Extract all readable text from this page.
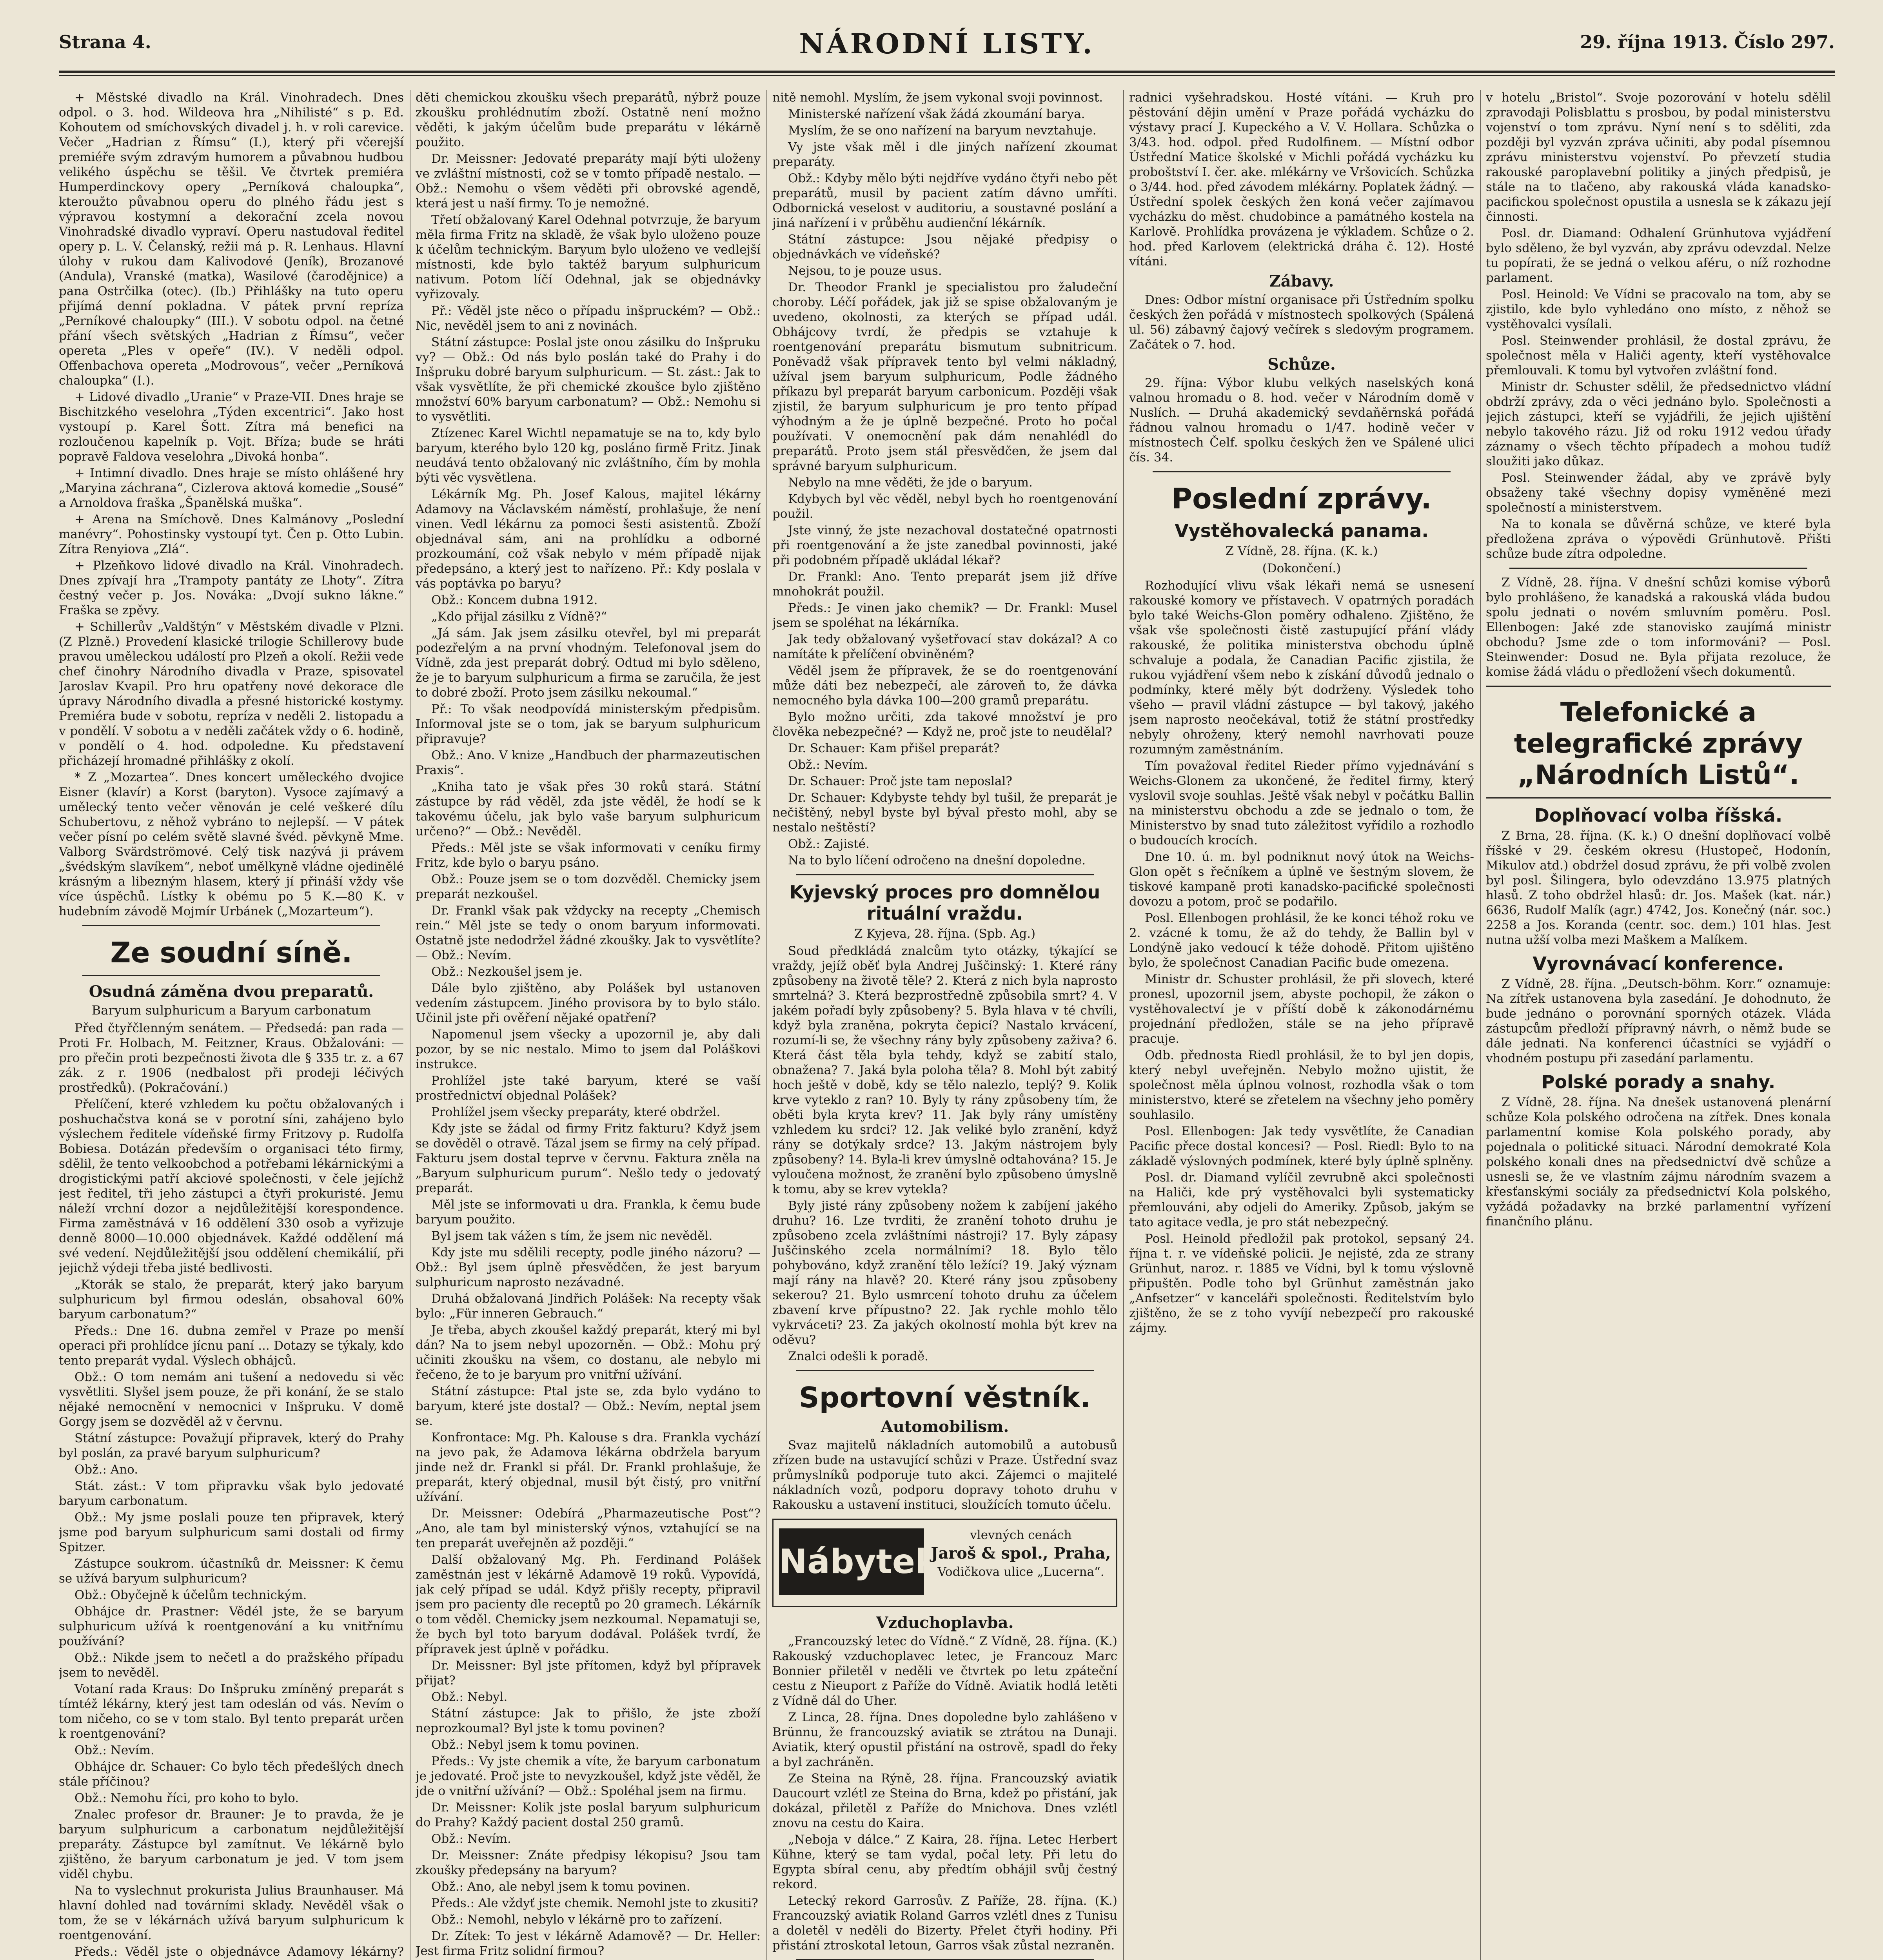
Strana 4.	NÁRODNÍ LISTY.	29. října 1913. Číslo 297.

+ Městské divadlo na Král. Vinohradech. Dnes odpol. o 3. hod. Wildeova hra „Nihilisté“ s p. Ed. Kohoutem od smíchovských divadel j. h. v roli carevice. Večer „Hadrian z Římsu“ (I.), který při včerejší premiéře svým zdravým humorem a půvabnou hudbou velikého úspěchu se těšil. Ve čtvrtek premiéra Humperdinckovy opery „Perníková chaloupka“, kteroužto půvabnou operu do plného řádu jest s výpravou kostymní a dekorační zcela novou Vinohradské divadlo vypraví. Operu nastudoval ředitel opery p. L. V. Čelanský, režii má p. R. Lenhaus. Hlavní úlohy v rukou dam Kalivodové (Jeník), Brozanové (Andula), Vranské (matka), Wasilové (čarodějnice) a pana Ostrčilka (otec). (Ib.) Přihlášky na tuto operu přijímá denní pokladna. V pátek první repríza „Perníkové chaloupky“ (III.). V sobotu odpol. na četné přání všech světských „Hadrian z Římsu“, večer opereta „Ples v opeře“ (IV.). V neděli odpol. Offenbachova opereta „Modrovous“, večer „Perníková chaloupka“ (I.).

+ Lidové divadlo „Uranie“ v Praze-VII. Dnes hraje se Bischitzkého veselohra „Týden excentrici“. Jako host vystoupí p. Karel Šott. Zítra má benefici na rozloučenou kapelník p. Vojt. Bříza; bude se hráti popravě Faldova veselohra „Divoká honba“.

+ Intimní divadlo. Dnes hraje se místo ohlášené hry „Maryina záchrana“, Cizlerova aktová komedie „Sousé“ a Arnoldova fraška „Španělská muška“.

+ Arena na Smíchově. Dnes Kalmánovy „Poslední manévry“. Pohostinsky vystoupí tyt. Čen p. Otto Lubin. Zítra Renyiova „Zlá“.

+ Plzeňkovo lidové divadlo na Král. Vinohradech. Dnes zpívají hra „Trampoty pantáty ze Lhoty“. Zítra čestný večer p. Jos. Nováka: „Dvojí sukno lákne.“ Fraška se zpěvy.

+ Schillerův „Valdštýn“ v Městském divadle v Plzni. (Z Plzně.) Provedení klasické trilogie Schillerovy bude pravou uměleckou událostí pro Plzeň a okolí. Režii vede chef činohry Národního divadla v Praze, spisovatel Jaroslav Kvapil. Pro hru opatřeny nové dekorace dle úpravy Národního divadla a přesné historické kostymy. Premiéra bude v sobotu, repríza v neděli 2. listopadu a v pondělí. V sobotu a v neděli začátek vždy o 6. hodině, v pondělí o 4. hod. odpoledne. Ku představení přicházejí hromadné přihlášky z okolí.

* Z „Mozartea“. Dnes koncert uměleckého dvojice Eisner (klavír) a Korst (baryton). Vysoce zajímavý a umělecký tento večer věnován je celé veškeré dílu Schubertovu, z něhož vybráno to nejlepší. — V pátek večer písní po celém světě slavné švéd. pěvkyně Mme. Valborg Svärdströmové. Celý tisk nazývá ji právem „švédským slavíkem“, neboť umělkyně vládne ojedinělé krásným a libezným hlasem, který jí přináší vždy vše více úspěchů. Lístky k obému po 5 K.—80 K. v hudebním závodě Mojmír Urbánek („Mozarteum“).

Ze soudní síně.
Osudná záměna dvou preparatů.
Baryum sulphuricum a Baryum carbonatum

Před čtyřčlenným senátem. — Předsedá: pan rada — Proti Fr. Holbach, M. Feitzner, Kraus. Obžalováni: — pro přečin proti bezpečnosti života dle § 335 tr. z. a 67 zák. z r. 1906 (nedbalost při prodeji léčivých prostředků). (Pokračování.)

Přelíčení, které vzhledem ku počtu obžalovaných i poshuchačstva koná se v porotní síni, zahájeno bylo výslechem ředitele vídeňské firmy Fritzovy p. Rudolfa Bobiesa. Dotázán především o organisaci této firmy, sdělil, že tento velkoobchod a potřebami lékárnickými a drogistickými patří akciové společnosti, v čele jejíchž jest ředitel, tři jeho zástupci a čtyři prokuristé. Jemu náleží vrchní dozor a nejdůležitější korespondence. Firma zaměstnává v 16 oddělení 330 osob a vyřizuje denně 8000—10.000 objednávek. Každé oddělení má své vedení. Nejdůležitější jsou oddělení chemikálií, při jejichž výdeji třeba jisté bedlivosti.

„Ktorák se stalo, že preparát, který jako baryum sulphuricum byl firmou odeslán, obsahoval 60% baryum carbonatum?“

Předs.: Dne 16. dubna zemřel v Praze po menší operaci při prohlídce jícnu paní ... Dotazy se týkaly, kdo tento preparát vydal. Výslech obhájců.

Obž.: O tom nemám ani tušení a nedovedu si věc vysvětliti. Slyšel jsem pouze, že při konání, že se stalo nějaké nemocnění v nemocnici v Inšpruku. V domě Gorgy jsem se dozvěděl až v červnu.

Státní zástupce: Považují připravek, který do Prahy byl poslán, za pravé baryum sulphuricum?

Obž.: Ano.

Stát. zást.: V tom připravku však bylo jedovaté baryum carbonatum.

Obž.: My jsme poslali pouze ten připravek, který jsme pod baryum sulphuricum sami dostali od firmy Spitzer.

Zástupce soukrom. účastníků dr. Meissner: K čemu se užívá baryum sulphuricum?

Obž.: Obyčejně k účelům technickým.

Obhájce dr. Prastner: Vědél jste, že se baryum sulphuricum užívá k roentgenování a ku vnitřnímu používání?

Obž.: Nikde jsem to nečetl a do pražského případu jsem to nevěděl.

Votaní rada Kraus: Do Inšpruku zmíněný preparát s tímtéž lékárny, který jest tam odeslán od vás. Nevím o tom ničeho, co se v tom stalo. Byl tento preparát určen k roentgenování?

Obž.: Nevím.

Obhájce dr. Schauer: Co bylo těch předešlých dnech stále příčinou?

Obž.: Nemohu říci, pro koho to bylo.

Znalec profesor dr. Brauner: Je to pravda, že je baryum sulphuricum a carbonatum nejdůležitější preparáty. Zástupce byl zamítnut. Ve lékárně bylo zjištěno, že baryum carbonatum je jed. V tom jsem viděl chybu.

Na to vyslechnut prokurista Julius Braunhauser. Má hlavní dohled nad továrními sklady. Nevěděl však o tom, že se v lékárnách užívá baryum sulphuricum k roentgenování.

Předs.: Věděl jste o objednávce Adamovy lékárny?

děti chemickou zkoušku všech preparátů, nýbrž pouze zkoušku prohlédnutím zboží. Ostatně není možno věděti, k jakým účelům bude preparátu v lékárně použito.

Dr. Meissner: Jedovaté preparáty mají býti uloženy ve zvláštní místnosti, což se v tomto případě nestalo. — Obž.: Nemohu o všem věděti při obrovské agendě, která jest u naší firmy. To je nemožné.

Třetí obžalovaný Karel Odehnal potvrzuje, že baryum měla firma Fritz na skladě, že však bylo uloženo pouze k účelům technickým. Baryum bylo uloženo ve vedlejší místnosti, kde bylo taktéž baryum sulphuricum nativum. Potom líčí Odehnal, jak se objednávky vyřizovaly.

Př.: Věděl jste něco o případu inšpruckém? — Obž.: Nic, nevěděl jsem to ani z novinách.

Státní zástupce: Poslal jste onou zásilku do Inšpruku vy? — Obž.: Od nás bylo poslán také do Prahy i do Inšpruku dobré baryum sulphuricum. — St. zást.: Jak to však vysvětlíte, že při chemické zkoušce bylo zjištěno množství 60% baryum carbonatum? — Obž.: Nemohu si to vysvětliti.

Ztízenec Karel Wichtl nepamatuje se na to, kdy bylo baryum, kterého bylo 120 kg, posláno firmě Fritz. Jinak neudává tento obžalovaný nic zvláštního, čím by mohla býti věc vysvětlena.

Lékárník Mg. Ph. Josef Kalous, majitel lékárny Adamovy na Václavském náměstí, prohlašuje, že není vinen. Vedl lékárnu za pomoci šesti asistentů. Zboží objednával sám, ani na prohlídku a odborné prozkoumání, což však nebylo v mém případě nijak předepsáno, a který jest to nařízeno. Př.: Kdy poslala v vás poptávka po baryu?

Obž.: Koncem dubna 1912.

„Kdo přijal zásilku z Vídně?“

„Já sám. Jak jsem zásilku otevřel, byl mi preparát podezřelým a na první vhodným. Telefonoval jsem do Vídně, zda jest preparát dobrý. Odtud mi bylo sděleno, že je to baryum sulphuricum a firma se zaručila, že jest to dobré zboží. Proto jsem zásilku nekoumal.“

Př.: To však neodpovídá ministerským předpisům. Informoval jste se o tom, jak se baryum sulphuricum připravuje?

Obž.: Ano. V knize „Handbuch der pharmazeutischen Praxis“.

„Kniha tato je však přes 30 roků stará. Státní zástupce by rád věděl, zda jste věděl, že hodí se k takovému účelu, jak bylo vaše baryum sulphuricum určeno?“ — Obž.: Nevěděl.

Předs.: Měl jste se však informovati v ceníku firmy Fritz, kde bylo o baryu psáno.

Obž.: Pouze jsem se o tom dozvěděl. Chemicky jsem preparát nezkoušel.

Dr. Frankl však pak vždycky na recepty „Chemisch rein.“ Měl jste se tedy o onom baryum informovati. Ostatně jste nedodržel žádné zkoušky. Jak to vysvětlíte? — Obž.: Nevím.

Obž.: Nezkoušel jsem je.

Dále bylo zjištěno, aby Polášek byl ustanoven vedením zástupcem. Jiného provisora by to bylo stálo. Učinil jste při ověření nějaké opatření?

Napomenul jsem všecky a upozornil je, aby dali pozor, by se nic nestalo. Mimo to jsem dal Poláškovi instrukce.

Prohlížel jste také baryum, které se vaší prostřednictví objednal Polášek?

Prohlížel jsem všecky preparáty, které obdržel.

Kdy jste se žádal od firmy Fritz fakturu? Když jsem se dověděl o otravě. Tázal jsem se firmy na celý případ. Fakturu jsem dostal teprve v červnu. Faktura zněla na „Baryum sulphuricum purum“. Nešlo tedy o jedovatý preparát.

Měl jste se informovati u dra. Frankla, k čemu bude baryum použito.

Byl jsem tak vážen s tím, že jsem nic nevěděl.

Kdy jste mu sdělili recepty, podle jiného názoru? — Obž.: Byl jsem úplně přesvědčen, že jest baryum sulphuricum naprosto nezávadné.

Druhá obžalovaná Jindřich Polášek: Na recepty však bylo: „Für inneren Gebrauch.“

Je třeba, abych zkoušel každý preparát, který mi byl dán? Na to jsem nebyl upozorněn. — Obž.: Mohu prý učiniti zkoušku na všem, co dostanu, ale nebylo mi řečeno, že to je baryum pro vnitřní užívání.

Státní zástupce: Ptal jste se, zda bylo vydáno to baryum, které jste dostal? — Obž.: Nevím, neptal jsem se.

Konfrontace: Mg. Ph. Kalouse s dra. Frankla vychází na jevo pak, že Adamova lékárna obdržela baryum jinde než dr. Frankl si přál. Dr. Frankl prohlašuje, že preparát, který objednal, musil být čistý, pro vnitřní užívání.

Dr. Meissner: Odebírá „Pharmazeutische Post“? „Ano, ale tam byl ministerský výnos, vztahující se na ten preparát uveřejněn až později.“

Další obžalovaný Mg. Ph. Ferdinand Polášek zaměstnán jest v lékárně Adamově 19 roků. Vypovídá, jak celý případ se udál. Když přišly recepty, připravil jsem pro pacienty dle receptů po 20 gramech. Lékárník o tom věděl. Chemicky jsem nezkoumal. Nepamatuji se, že bych byl toto baryum dodával. Polášek tvrdí, že přípravek jest úplně v pořádku.

Dr. Meissner: Byl jste přítomen, když byl přípravek přijat?

Obž.: Nebyl.

Státní zástupce: Jak to přišlo, že jste zboží neprozkoumal? Byl jste k tomu povinen?

Obž.: Nebyl jsem k tomu povinen.

Předs.: Vy jste chemik a víte, že baryum carbonatum je jedovaté. Proč jste to nevyzkoušel, když jste věděl, že jde o vnitřní užívání? — Obž.: Spoléhal jsem na firmu.

Dr. Meissner: Kolik jste poslal baryum sulphuricum do Prahy? Každý pacient dostal 250 gramů.

Obž.: Nevím.

Dr. Meissner: Znáte předpisy lékopisu? Jsou tam zkoušky předepsány na baryum?

Obž.: Ano, ale nebyl jsem k tomu povinen.

Předs.: Ale vždyť jste chemik. Nemohl jste to zkusiti?

Obž.: Nemohl, nebylo v lékárně pro to zařízení.

Dr. Zítek: To jest v lékárně Adamově? — Dr. Heller: Jest firma Fritz solidní firmou?

nitě nemohl. Myslím, že jsem vykonal svoji povinnost.

Ministerské nařízení však žádá zkoumání barya.

Myslím, že se ono nařízení na baryum nevztahuje.

Vy jste však měl i dle jiných nařízení zkoumat preparáty.

Obž.: Kdyby mělo býti nejdříve vydáno čtyři nebo pět preparátů, musil by pacient zatím dávno umříti. Odbornická veselost v auditoriu, a soustavné poslání a jiná nařízení i v průběhu audienční lékárník.

Státní zástupce: Jsou nějaké předpisy o objednávkách ve vídeňské?

Nejsou, to je pouze usus.

Dr. Theodor Frankl je specialistou pro žaludeční choroby. Léčí pořádek, jak již se spise obžalovaným je uvedeno, okolnosti, za kterých se případ udál. Obhájcovy tvrdí, že předpis se vztahuje k roentgenování preparátu bismutum subnitricum. Poněvadž však přípravek tento byl velmi nákladný, užíval jsem baryum sulphuricum, Podle žádného příkazu byl preparát baryum carbonicum. Později však zjistil, že baryum sulphuricum je pro tento případ výhodným a že je úplně bezpečné. Proto ho počal používati. V onemocnění pak dám nenahlédl do preparátů. Proto jsem stál přesvědčen, že jsem dal správné baryum sulphuricum.

Nebylo na mne věděti, že jde o baryum.

Kdybych byl věc věděl, nebyl bych ho roentgenování použil.

Jste vinný, že jste nezachoval dostatečné opatrnosti při roentgenování a že jste zanedbal povinnosti, jaké při podobném případě ukládal lékař?

Dr. Frankl: Ano. Tento preparát jsem již dříve mnohokrát použil.

Předs.: Je vinen jako chemik? — Dr. Frankl: Musel jsem se spoléhat na lékárníka.

Jak tedy obžalovaný vyšetřovací stav dokázal? A co namítáte k přelíčení obviněném?

Věděl jsem že přípravek, že se do roentgenování může dáti bez nebezpečí, ale zároveň to, že dávka nemocného byla dávka 100—200 gramů preparátu.

Bylo možno určiti, zda takové množství je pro člověka nebezpečné? — Když ne, proč jste to neudělal?

Dr. Schauer: Kam přišel preparát?

Obž.: Nevím.

Dr. Schauer: Proč jste tam neposlal?

Dr. Schauer: Kdybyste tehdy byl tušil, že preparát je nečištěný, nebyl byste byl býval přesto mohl, aby se nestalo neštěstí?

Obž.: Zajisté.

Na to bylo líčení odročeno na dnešní dopoledne.

Kyjevský proces pro domnělou rituální vraždu.
Z Kyjeva, 28. října. (Spb. Ag.)

Soud předkládá znalcům tyto otázky, týkající se vraždy, jejíž oběť byla Andrej Juščinský: 1. Které rány způsobeny na životě těle? 2. Která z nich byla naprosto smrtelná? 3. Která bezprostředně způsobila smrt? 4. V jakém pořadí byly způsobeny? 5. Byla hlava v té chvíli, když byla zraněna, pokryta čepicí? Nastalo krvácení, rozumí-li se, že všechny rány byly způsobeny zaživa? 6. Která část těla byla tehdy, když se zabití stalo, obnažena? 7. Jaká byla poloha těla? 8. Mohl být zabitý hoch ještě v době, kdy se tělo nalezlo, teplý? 9. Kolik krve vyteklo z ran? 10. Byly ty rány způsobeny tím, že oběti byla kryta krev? 11. Jak byly rány umístěny vzhledem ku srdci? 12. Jak veliké bylo zranění, když rány se dotýkaly srdce? 13. Jakým nástrojem byly způsobeny? 14. Byla-li krev úmyslně odtahována? 15. Je vyloučena možnost, že zranění bylo způsobeno úmyslně k tomu, aby se krev vytekla?

Byly jisté rány způsobeny nožem k zabíjení jakého druhu? 16. Lze tvrditi, že zranění tohoto druhu je způsobeno zcela zvláštními nástroji? 17. Byly zápasy Juščinského zcela normálními? 18. Bylo tělo pohybováno, když zranění tělo ležící? 19. Jaký význam mají rány na hlavě? 20. Které rány jsou způsobeny sekerou? 21. Bylo usmrcení tohoto druhu za účelem zbavení krve přípustno? 22. Jak rychle mohlo tělo vykrváceti? 23. Za jakých okolností mohla být krev na oděvu?

Znalci odešli k poradě.

Sportovní věstník.
Automobilism.

Svaz majitelů nákladních automobilů a autobusů zřízen bude na ustavující schůzi v Praze. Ústřední svaz průmyslníků podporuje tuto akci. Zájemci o majitelé nákladních vozů, podporu dopravy tohoto druhu v Rakousku a ustavení instituci, sloužících tomuto účelu.

Nábytek
vlevných cenách
Jaroš & spol., Praha,
Vodičkova ulice „Lucerna“.
Vzduchoplavba.

„Francouzský letec do Vídně.“ Z Vídně, 28. října. (K.) Rakouský vzduchoplavec letec, je Francouz Marc Bonnier přiletěl v neděli ve čtvrtek po letu zpáteční cestu z Nieuport z Paříže do Vídně. Aviatik hodlá letěti z Vídně dál do Uher.

Z Linca, 28. října. Dnes dopoledne bylo zahlášeno v Brünnu, že francouzský aviatik se ztrátou na Dunaji. Aviatik, který opustil přistání na ostrově, spadl do řeky a byl zachráněn.

Ze Steina na Rýně, 28. října. Francouzský aviatik Daucourt vzlétl ze Steina do Brna, kdež po přistání, jak dokázal, přiletěl z Paříže do Mnichova. Dnes vzlétl znovu na cestu do Kaira.

„Neboja v dálce.“ Z Kaira, 28. října. Letec Herbert Kühne, který se tam vydal, počal lety. Při letu do Egypta sbíral cenu, aby předtím obhájil svůj čestný rekord.

Letecký rekord Garrosův. Z Paříže, 28. října. (K.) Francouzský aviatik Roland Garros vzlétl dnes z Tunisu a doletěl v neděli do Bizerty. Přelet čtyři hodiny. Při přistání ztroskotal letoun, Garros však zůstal nezraněn.

radnici vyšehradskou. Hosté vítáni. — Kruh pro pěstování dějin umění v Praze pořádá vycházku do výstavy prací J. Kupeckého a V. V. Hollara. Schůzka o 3/43. hod. odpol. před Rudolfinem. — Místní odbor Ústřední Matice školské v Michli pořádá vycházku ku proboštství I. čer. ake. mlékárny ve Vršovicích. Schůzka o 3/44. hod. před závodem mlékárny. Poplatek žádný. — Ústřední spolek českých žen koná večer zajímavou vycházku do měst. chudobince a památného kostela na Karlově. Prohlídka provázena je výkladem. Schůze o 2. hod. před Karlovem (elektrická dráha č. 12). Hosté vítáni.

Zábavy.

Dnes: Odbor místní organisace při Ústředním spolku českých žen pořádá v místnostech spolkových (Spálená ul. 56) zábavný čajový večírek s sledovým programem. Začátek o 7. hod.

Schůze.

29. října: Výbor klubu velkých naselských koná valnou hromadu o 8. hod. večer v Národním domě v Nuslích. — Druhá akademický sevdaňěrnská pořádá řádnou valnou hromadu o 1/47. hodině večer v místnostech Čelf. spolku českých žen ve Spálené ulici čís. 34.

Poslední zprávy.
Vystěhovalecká panama.
Z Vídně, 28. října. (K. k.)
(Dokončení.)

Rozhodující vlivu však lékaři nemá se usnesení rakouské komory ve přístavech. V opatrných poradách bylo také Weichs-Glon poměry odhaleno. Zjištěno, že však vše společnosti čistě zastupující přání vlády rakouské, že politika ministerstva obchodu úplně schvaluje a podala, že Canadian Pacific zjistila, že rukou vyjádření všem nebo k získání důvodů jednalo o podmínky, které měly být dodrženy. Výsledek toho všeho — pravil vládní zástupce — byl takový, jakého jsem naprosto neočekával, totiž že státní prostředky nebyly ohroženy, který nemohl navrhovati pouze rozumným zaměstnáním.

Tím považoval ředitel Rieder přímo vyjednávání s Weichs-Glonem za ukončené, že ředitel firmy, který vyslovil svoje souhlas. Ještě však nebyl v počátku Ballin na ministerstvu obchodu a zde se jednalo o tom, že Ministerstvo by snad tuto záležitost vyřídilo a rozhodlo o budoucích krocích.

Dne 10. ú. m. byl podniknut nový útok na Weichs-Glon opět s řečníkem a úplně ve šestným slovem, že tiskové kampaně proti kanadsko-pacifické společnosti dovozu a potom, proč se podařilo.

Posl. Ellenbogen prohlásil, že ke konci téhož roku ve 2. vzácné k tomu, že až do tehdy, že Ballin byl v Londýně jako vedoucí k téže dohodě. Přitom ujištěno bylo, že společnost Canadian Pacific bude omezena.

Ministr dr. Schuster prohlásil, že při slovech, které pronesl, upozornil jsem, abyste pochopil, že zákon o vystěhovalectví je v příští době k zákonodárnému projednání předložen, stále se na jeho přípravě pracuje.

Odb. přednosta Riedl prohlásil, že to byl jen dopis, který nebyl uveřejněn. Nebylo možno ujistit, že společnost měla úplnou volnost, rozhodla však o tom ministerstvo, které se zřetelem na všechny jeho poměry souhlasilo.

Posl. Ellenbogen: Jak tedy vysvětlíte, že Canadian Pacific přece dostal koncesi? — Posl. Riedl: Bylo to na základě výslovných podmínek, které byly úplně splněny.

Posl. dr. Diamand vylíčil zevrubně akci společnosti na Haliči, kde prý vystěhovalci byli systematicky přemlouváni, aby odjeli do Ameriky. Způsob, jakým se tato agitace vedla, je pro stát nebezpečný.

Posl. Heinold předložil pak protokol, sepsaný 24. října t. r. ve vídeňské policii. Je nejisté, zda ze strany Grünhut, naroz. r. 1885 ve Vídni, byl k tomu výslovně připuštěn. Podle toho byl Grünhut zaměstnán jako „Anfsetzer“ v kanceláři společnosti. Ředitelstvím bylo zjištěno, že se z toho vyvíjí nebezpečí pro rakouské zájmy.

v hotelu „Bristol“. Svoje pozorování v hotelu sdělil zpravodaji Polisblattu s prosbou, by podal ministerstvu vojenství o tom zprávu. Nyní není s to sděliti, zda později byl vyzván zpráva učiniti, aby podal písemnou zprávu ministerstvu vojenství. Po převzetí studia rakouské paroplavební politiky a jiných předpisů, je stále na to tlačeno, aby rakouská vláda kanadsko-pacifickou společnost opustila a usnesla se k zákazu její činnosti.

Posl. dr. Diamand: Odhalení Grünhutova vyjádření bylo sděleno, že byl vyzván, aby zprávu odevzdal. Nelze tu popírati, že se jedná o velkou aféru, o níž rozhodne parlament.

Posl. Heinold: Ve Vídni se pracovalo na tom, aby se zjistilo, kde bylo vyhledáno ono místo, z něhož se vystěhovalci vysílali.

Posl. Steinwender prohlásil, že dostal zprávu, že společnost měla v Haliči agenty, kteří vystěhovalce přemlouvali. K tomu byl vytvořen zvláštní fond.

Ministr dr. Schuster sdělil, že předsednictvo vládní obdrží zprávy, zda o věci jednáno bylo. Společnosti a jejich zástupci, kteří se vyjádřili, že jejich ujištění nebylo takového rázu. Již od roku 1912 vedou úřady záznamy o všech těchto případech a mohou tudíž sloužiti jako důkaz.

Posl. Steinwender žádal, aby ve zprávě byly obsaženy také všechny dopisy vyměněné mezi společností a ministerstvem.

Na to konala se důvěrná schůze, ve které byla předložena zpráva o výpovědi Grünhutově. Přišti schůze bude zítra odpoledne.

Z Vídně, 28. října. V dnešní schůzi komise výborů bylo prohlášeno, že kanadská a rakouská vláda budou spolu jednati o novém smluvním poměru. Posl. Ellenbogen: Jaké zde stanovisko zaujímá ministr obchodu? Jsme zde o tom informováni? — Posl. Steinwender: Dosud ne. Byla přijata rezoluce, že komise žádá vládu o předložení všech dokumentů.

Telefonické a telegrafické zprávy „Národních Listů“.
Doplňovací volba říšská.

Z Brna, 28. října. (K. k.) O dnešní doplňovací volbě říšské v 29. českém okresu (Hustopeč, Hodonín, Mikulov atd.) obdržel dosud zprávu, že při volbě zvolen byl posl. Šilingera, bylo odevzdáno 13.975 platných hlasů. Z toho obdržel hlasů: dr. Jos. Mašek (kat. nár.) 6636, Rudolf Malík (agr.) 4742, Jos. Konečný (nár. soc.) 2258 a Jos. Koranda (centr. soc. dem.) 101 hlas. Jest nutna užší volba mezi Maškem a Malíkem.

Vyrovnávací konference.

Z Vídně, 28. října. „Deutsch-böhm. Korr.“ oznamuje: Na zítřek ustanovena byla zasedání. Je dohodnuto, že bude jednáno o porovnání sporných otázek. Vláda zástupcům předloží přípravný návrh, o němž bude se dále jednati. Na konferenci účastníci se vyjádří o vhodném postupu při zasedání parlamentu.

Polské porady a snahy.

Z Vídně, 28. října. Na dnešek ustanovená plenární schůze Kola polského odročena na zítřek. Dnes konala parlamentní komise Kola polského porady, aby pojednala o politické situaci. Národní demokraté Kola polského konali dnes na předsednictví dvě schůze a usnesli se, že ve vlastním zájmu národním svazem a křesťanskými sociály za předsednictví Kola polského, vyžádá požadavky na brzké parlamentní vyřízení finančního plánu.
